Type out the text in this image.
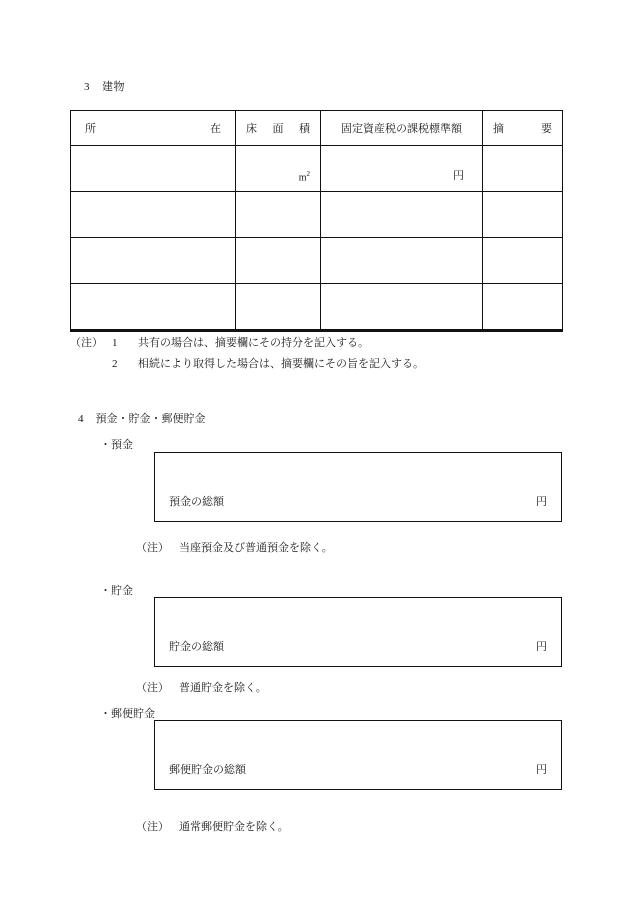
3 建物
所　　　　在	床　面　積	固定資産税の課税標準額	摘　　要

	$m^2$	円	

（注） 1	共有の場合は、摘要欄にその持分を記入する。
2	相続により取得した場合は、摘要欄にその旨を記入する。
4 預金・貯金・郵便貯金
・預金
預金の総額	円
（注） 当座預金及び普通預金を除く。
・貯金
貯金の総額	円
（注） 普通貯金を除く。
・郵便貯金
郵便貯金の総額	円
（注） 通常郵便貯金を除く。
